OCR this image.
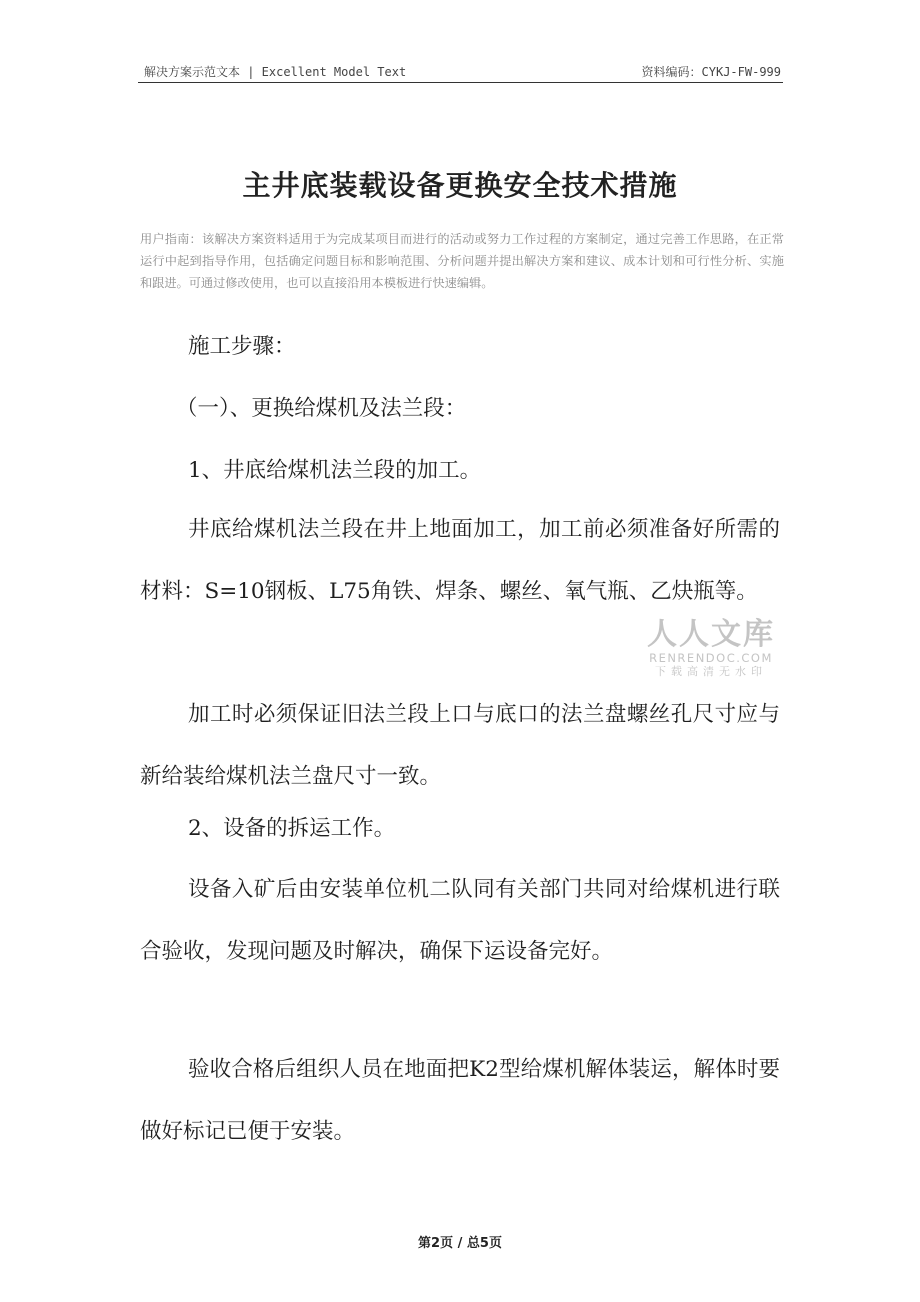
解决方案示范文本 | Excellent Model Text	资料编码：CYKJ-FW-999
主井底装载设备更换安全技术措施
用户指南：该解决方案资料适用于为完成某项目而进行的活动或努力工作过程的方案制定，通过完善工作思路，在正常运行中起到指导作用，包括确定问题目标和影响范围、分析问题并提出解决方案和建议、成本计划和可行性分析、实施和跟进。可通过修改使用，也可以直接沿用本模板进行快速编辑。
施工步骤：
（一）、更换给煤机及法兰段：
1、井底给煤机法兰段的加工。
井底给煤机法兰段在井上地面加工，加工前必须准备好所需的材料：S=10钢板、L75角铁、焊条、螺丝、氧气瓶、乙炔瓶等。
加工时必须保证旧法兰段上口与底口的法兰盘螺丝孔尺寸应与新给装给煤机法兰盘尺寸一致。
2、设备的拆运工作。
设备入矿后由安装单位机二队同有关部门共同对给煤机进行联合验收，发现问题及时解决，确保下运设备完好。
验收合格后组织人员在地面把K2型给煤机解体装运，解体时要做好标记已便于安装。
人人文库
RENRENDOC.COM
下载高清无水印
第2页 / 总5页
